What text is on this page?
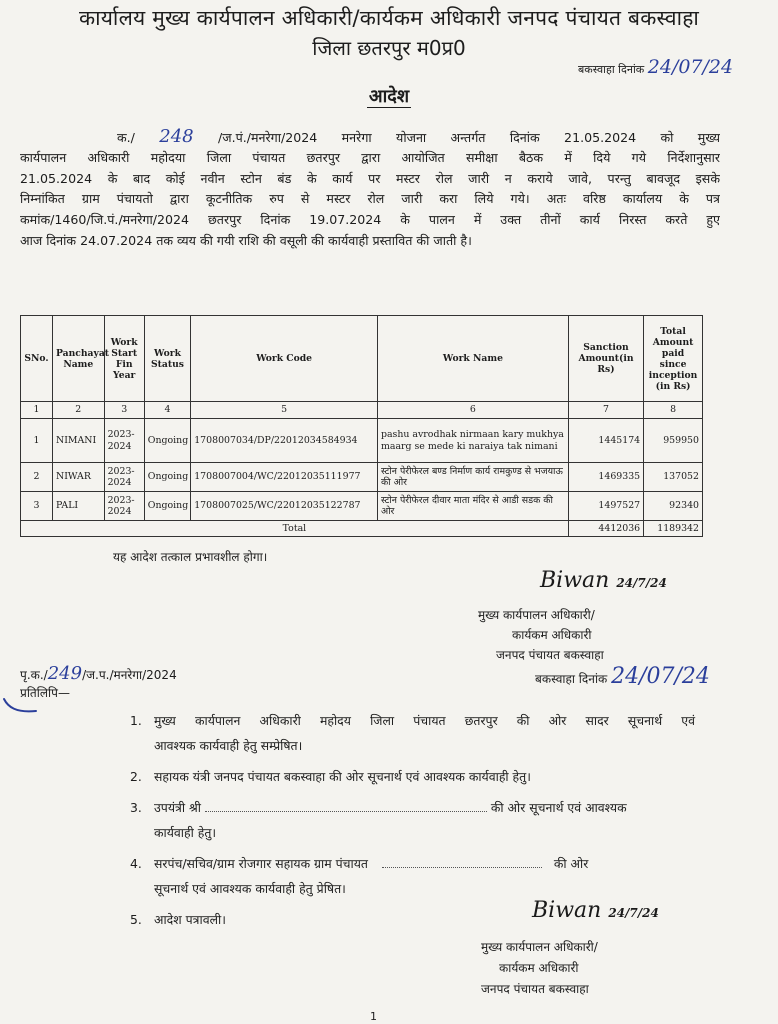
कार्यालय मुख्य कार्यपालन अधिकारी/कार्यकम अधिकारी जनपद पंचायत बकस्वाहा
जिला छतरपुर म0प्र0
बकस्वाहा दिनांक 24/07/24
आदेश
क./ 248 /ज.पं./मनरेगा/2024 मनरेगा योजना अन्तर्गत दिनांक 21.05.2024 को मुख्य
कार्यपालन अधिकारी महोदया जिला पंचायत छतरपुर द्वारा आयोजित समीक्षा बैठक में दिये गये निर्देशानुसार
21.05.2024 के बाद कोई नवीन स्टोन बंड के कार्य पर मस्टर रोल जारी न कराये जावे, परन्तु बावजूद इसके
निम्नांकित ग्राम पंचायतो द्वारा कूटनीतिक रुप से मस्टर रोल जारी करा लिये गये। अतः वरिष्ठ कार्यालय के पत्र
कमांक/1460/जि.पं./मनरेगा/2024 छतरपुर दिनांक 19.07.2024 के पालन में उक्त तीनों कार्य निरस्त करते हुए
आज दिनांक 24.07.2024 तक व्यय की गयी राशि की वसूली की कार्यवाही प्रस्तावित की जाती है।
SNo.	Panchayat Name	Work Start Fin Year	Work Status	Work Code	Work Name	Sanction Amount(in Rs)	Total Amount paid since inception (in Rs)
1	2	3	4	5	6	7	8
1	NIMANI	2023-2024	Ongoing	1708007034/DP/22012034584934	pashu avrodhak nirmaan kary mukhya maarg se mede ki naraiya tak nimani	1445174	959950
2	NIWAR	2023-2024	Ongoing	1708007004/WC/22012035111977	स्टोन पेरीफेरल बण्ड निर्माण कार्य रामकुण्ड से भजयाऊ की ओर	1469335	137052
3	PALI	2023-2024	Ongoing	1708007025/WC/22012035122787	स्टोन पेरीफेरल दीवार माता मंदिर से आडी सडक की ओर	1497527	92340
Total						4412036	1189342
यह आदेश तत्काल प्रभावशील होगा।
Biwan 24/7/24
मुख्य कार्यपालन अधिकारी/
कार्यकम अधिकारी
जनपद पंचायत बकस्वाहा
पृ.क./249/ज.प./मनरेगा/2024	बकस्वाहा दिनांक 24/07/24
प्रतिलिपि—
1. मुख्य कार्यपालन अधिकारी महोदय जिला पंचायत छतरपुर की ओर सादर सूचनार्थ एवं
आवश्यक कार्यवाही हेतु सम्प्रेषित।
2. सहायक यंत्री जनपद पंचायत बकस्वाहा की ओर सूचनार्थ एवं आवश्यक कार्यवाही हेतु।
3. उपयंत्री श्री	की ओर सूचनार्थ एवं आवश्यक
कार्यवाही हेतु।
4. सरपंच/सचिव/ग्राम रोजगार सहायक ग्राम पंचायत	की ओर
सूचनार्थ एवं आवश्यक कार्यवाही हेतु प्रेषित।
5. आदेश पत्रावली।	Biwan 24/7/24
मुख्य कार्यपालन अधिकारी/
कार्यकम अधिकारी
जनपद पंचायत बकस्वाहा
1
